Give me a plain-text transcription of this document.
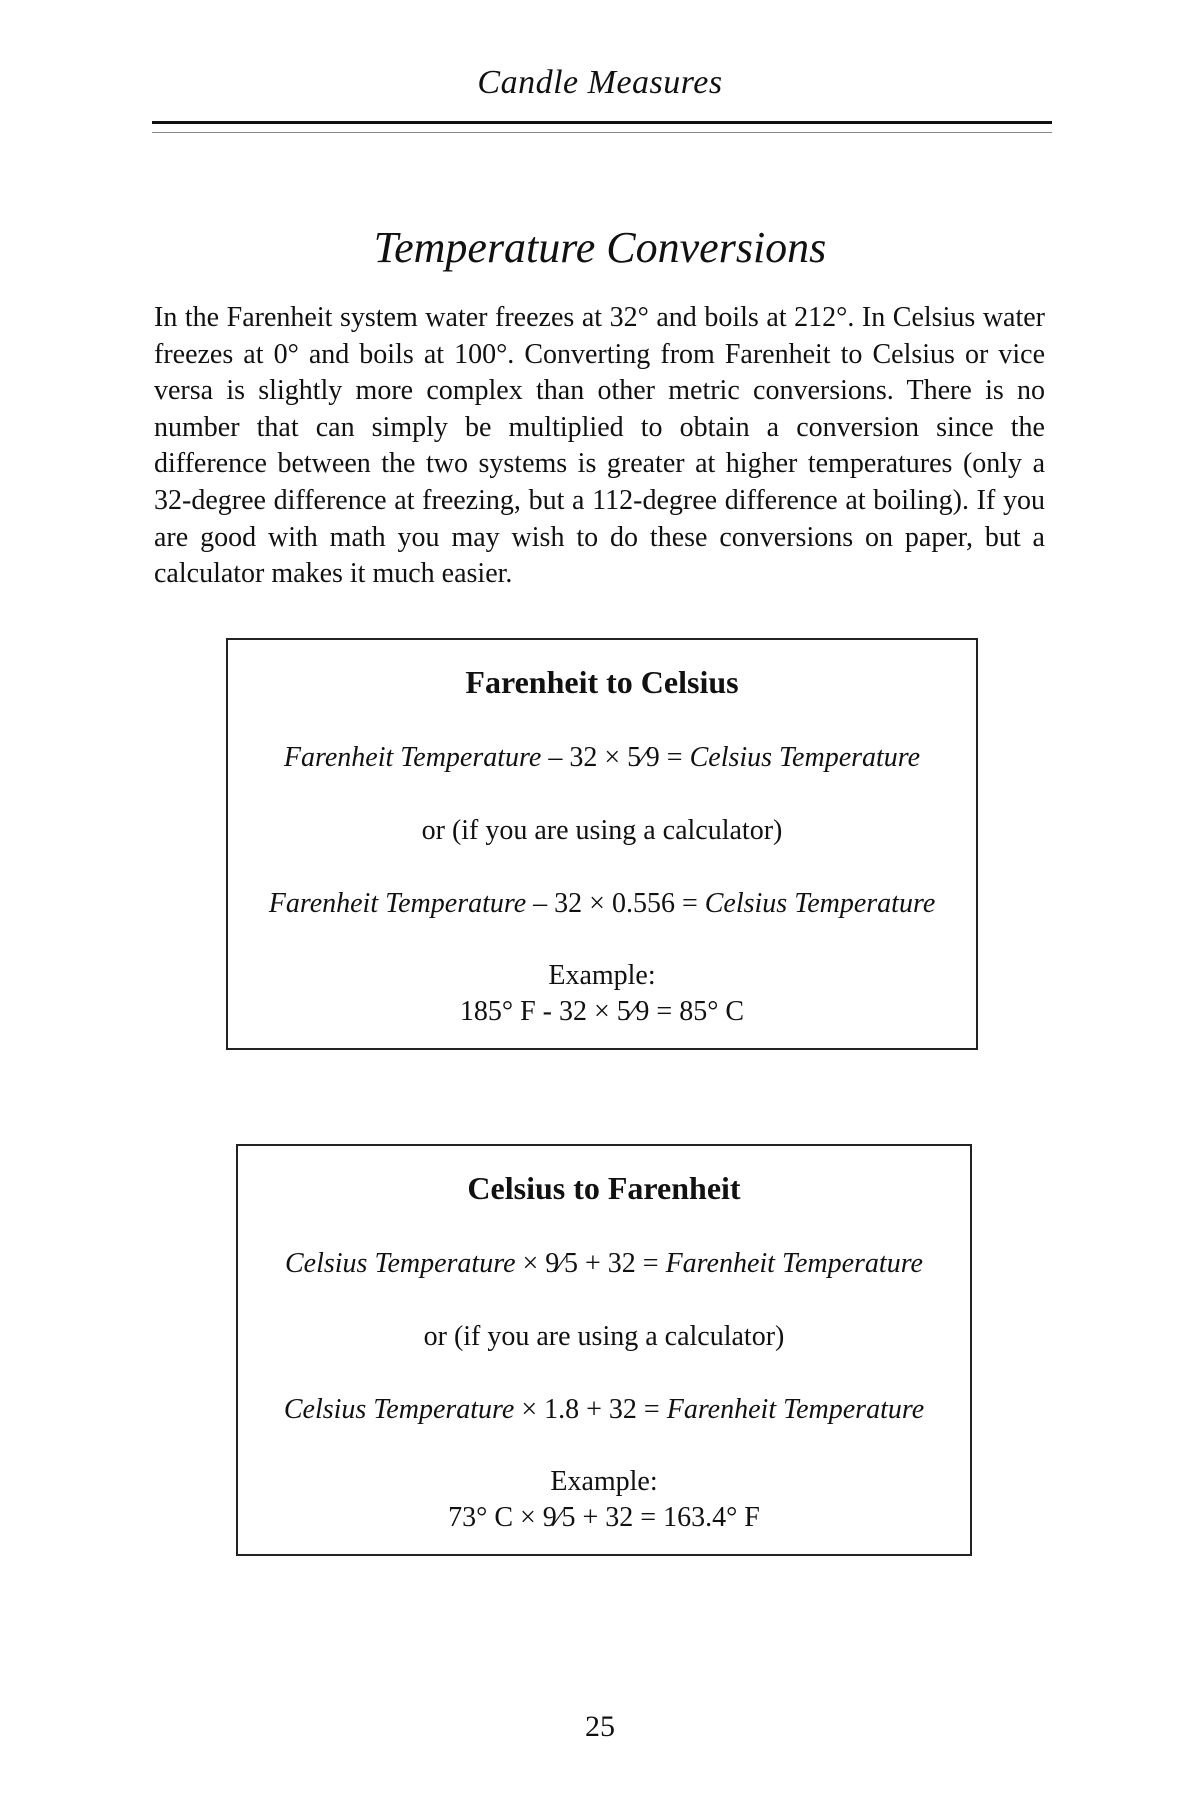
Candle Measures
Temperature Conversions

In the Farenheit system water freezes at 32° and boils at 212°. In Celsius water freezes at 0° and boils at 100°. Converting from Farenheit to Celsius or vice versa is slightly more complex than other metric conversions. There is no number that can simply be multiplied to obtain a conversion since the difference between the two systems is greater at higher temperatures (only a 32-degree difference at freezing, but a 112-degree difference at boiling). If you are good with math you may wish to do these conversions on paper, but a calculator makes it much easier.

Farenheit to Celsius
Farenheit Temperature – 32 × 5⁄9 = Celsius Temperature
or (if you are using a calculator)
Farenheit Temperature – 32 × 0.556 = Celsius Temperature
Example:
185° F - 32 × 5⁄9 = 85° C
Celsius to Farenheit
Celsius Temperature × 9⁄5 + 32 = Farenheit Temperature
or (if you are using a calculator)
Celsius Temperature × 1.8 + 32 = Farenheit Temperature
Example:
73° C × 9⁄5 + 32 = 163.4° F
25
